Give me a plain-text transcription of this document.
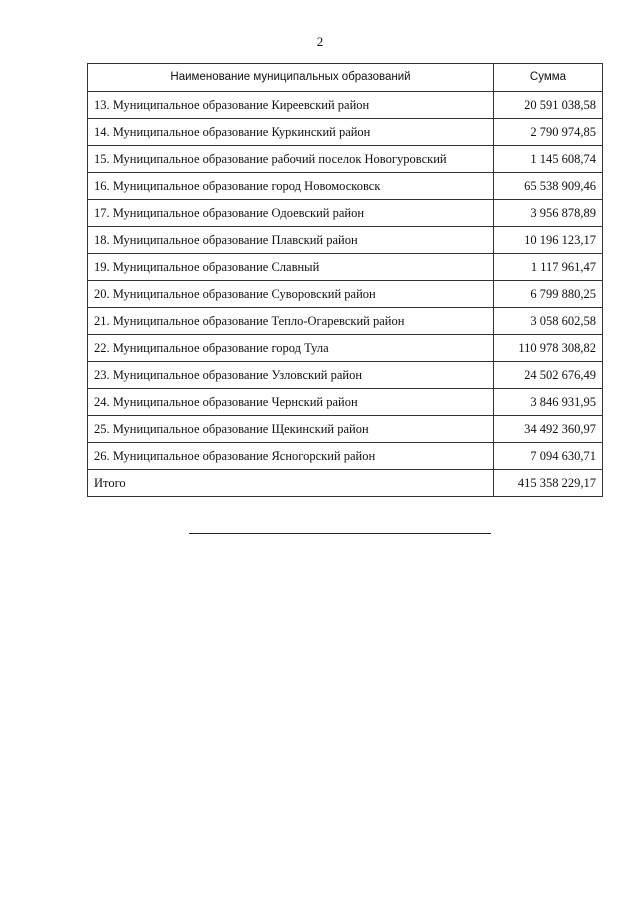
2
Наименование муниципальных образований	Сумма
13. Муниципальное образование Киреевский район	20 591 038,58
14. Муниципальное образование Куркинский район	2 790 974,85
15. Муниципальное образование рабочий поселок Новогуровский	1 145 608,74
16. Муниципальное образование город Новомосковск	65 538 909,46
17. Муниципальное образование Одоевский район	3 956 878,89
18. Муниципальное образование Плавский район	10 196 123,17
19. Муниципальное образование Славный	1 117 961,47
20. Муниципальное образование Суворовский район	6 799 880,25
21. Муниципальное образование Тепло-Огаревский район	3 058 602,58
22. Муниципальное образование город Тула	110 978 308,82
23. Муниципальное образование Узловский район	24 502 676,49
24. Муниципальное образование Чернский район	3 846 931,95
25. Муниципальное образование Щекинский район	34 492 360,97
26. Муниципальное образование Ясногорский район	7 094 630,71
Итого	415 358 229,17
